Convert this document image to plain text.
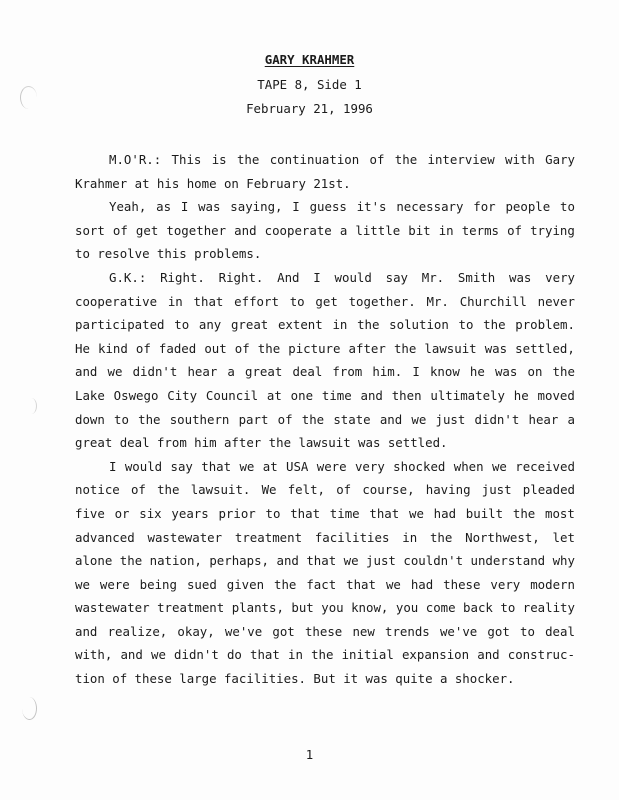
GARY KRAHMER
TAPE 8, Side 1
February 21, 1996
M.O'R.: This is the continuation of the interview with Gary
Krahmer at his home on February 21st.
Yeah, as I was saying, I guess it's necessary for people to
sort of get together and cooperate a little bit in terms of trying
to resolve this problems.
G.K.: Right. Right. And I would say Mr. Smith was very
cooperative in that effort to get together. Mr. Churchill never
participated to any great extent in the solution to the problem.
He kind of faded out of the picture after the lawsuit was settled,
and we didn't hear a great deal from him. I know he was on the
Lake Oswego City Council at one time and then ultimately he moved
down to the southern part of the state and we just didn't hear a
great deal from him after the lawsuit was settled.
I would say that we at USA were very shocked when we received
notice of the lawsuit. We felt, of course, having just pleaded
five or six years prior to that time that we had built the most
advanced wastewater treatment facilities in the Northwest, let
alone the nation, perhaps, and that we just couldn't understand why
we were being sued given the fact that we had these very modern
wastewater treatment plants, but you know, you come back to reality
and realize, okay, we've got these new trends we've got to deal
with, and we didn't do that in the initial expansion and construc-
tion of these large facilities. But it was quite a shocker.
1
